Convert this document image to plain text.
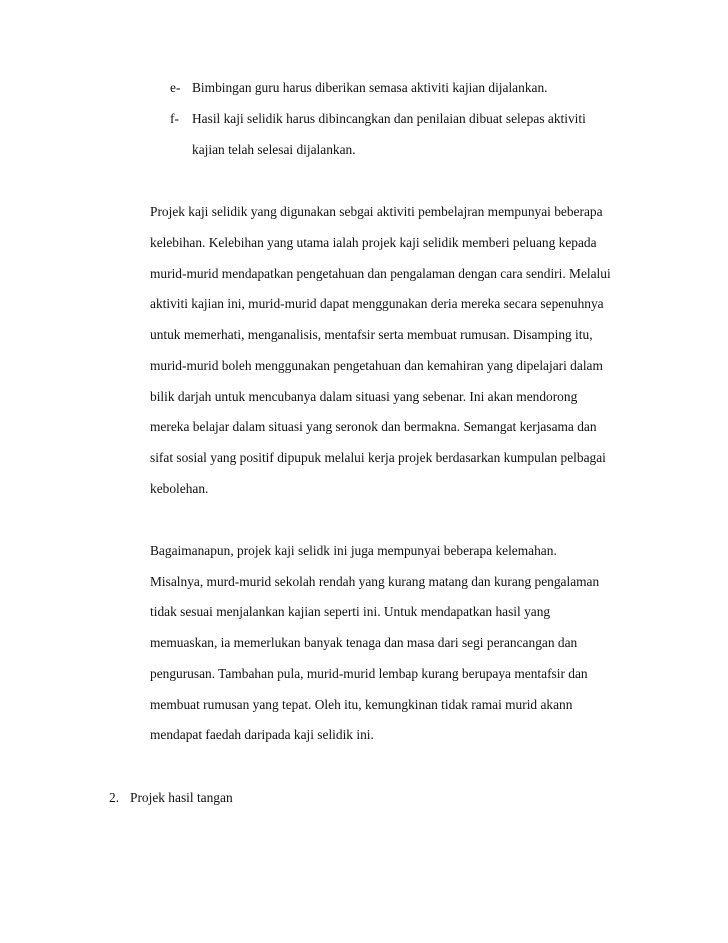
e- Bimbingan guru harus diberikan semasa aktiviti kajian dijalankan.

f- Hasil kaji selidik harus dibincangkan dan penilaian dibuat selepas aktiviti

kajian telah selesai dijalankan.

Projek kaji selidik yang digunakan sebgai aktiviti pembelajran mempunyai beberapa

kelebihan. Kelebihan yang utama ialah projek kaji selidik memberi peluang kepada

murid-murid mendapatkan pengetahuan dan pengalaman dengan cara sendiri. Melalui

aktiviti kajian ini, murid-murid dapat menggunakan deria mereka secara sepenuhnya

untuk memerhati, menganalisis, mentafsir serta membuat rumusan. Disamping itu,

murid-murid boleh menggunakan pengetahuan dan kemahiran yang dipelajari dalam

bilik darjah untuk mencubanya dalam situasi yang sebenar. Ini akan mendorong

mereka belajar dalam situasi yang seronok dan bermakna. Semangat kerjasama dan

sifat sosial yang positif dipupuk melalui kerja projek berdasarkan kumpulan pelbagai

kebolehan.

Bagaimanapun, projek kaji selidk ini juga mempunyai beberapa kelemahan.

Misalnya, murd-murid sekolah rendah yang kurang matang dan kurang pengalaman

tidak sesuai menjalankan kajian seperti ini. Untuk mendapatkan hasil yang

memuaskan, ia memerlukan banyak tenaga dan masa dari segi perancangan dan

pengurusan. Tambahan pula, murid-murid lembap kurang berupaya mentafsir dan

membuat rumusan yang tepat. Oleh itu, kemungkinan tidak ramai murid akann

mendapat faedah daripada kaji selidik ini.

2. Projek hasil tangan
